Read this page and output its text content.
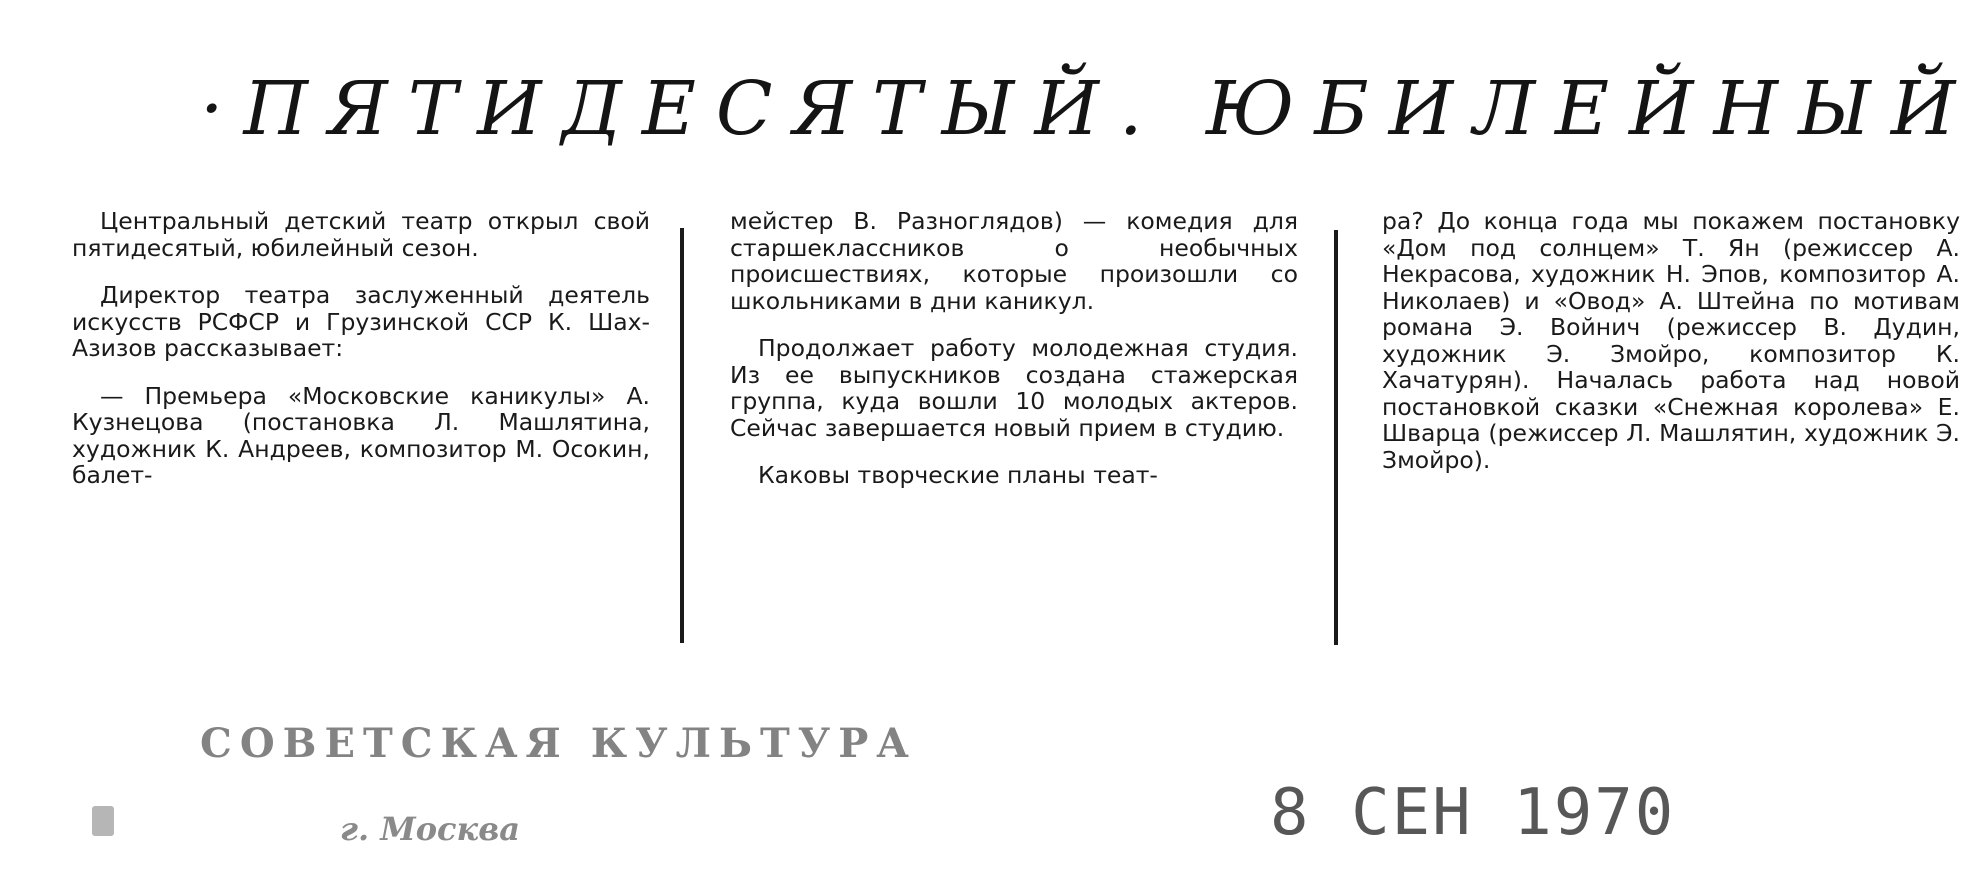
·ПЯТИДЕСЯТЫЙ. ЮБИЛЕЙНЫЙ

Центральный детский театр открыл свой пятидесятый, юбилейный сезон.

Директор театра заслуженный деятель искусств РСФСР и Грузинской ССР К. Шах-Азизов рассказывает:

— Премьера «Московские каникулы» А. Кузнецова (постановка Л. Машлятина, художник К. Андреев, композитор М. Осокин, балет-

мейстер В. Разноглядов) — комедия для старшеклассников о необычных происшествиях, которые произошли со школьниками в дни каникул.

Продолжает работу молодежная студия. Из ее выпускников создана стажерская группа, куда вошли 10 молодых актеров. Сейчас завершается новый прием в студию.

Каковы творческие планы теат-

ра? До конца года мы покажем постановку «Дом под солнцем» Т. Ян (режиссер А. Некрасова, художник Н. Эпов, композитор А. Николаев) и «Овод» А. Штейна по мотивам романа Э. Войнич (режиссер В. Дудин, художник Э. Змойро, композитор К. Хачатурян). Началась работа над новой постановкой сказки «Снежная королева» Е. Шварца (режиссер Л. Машлятин, художник Э. Змойро).

СОВЕТСКАЯ КУЛЬТУРА
г. Москва	8 СЕН 1970
